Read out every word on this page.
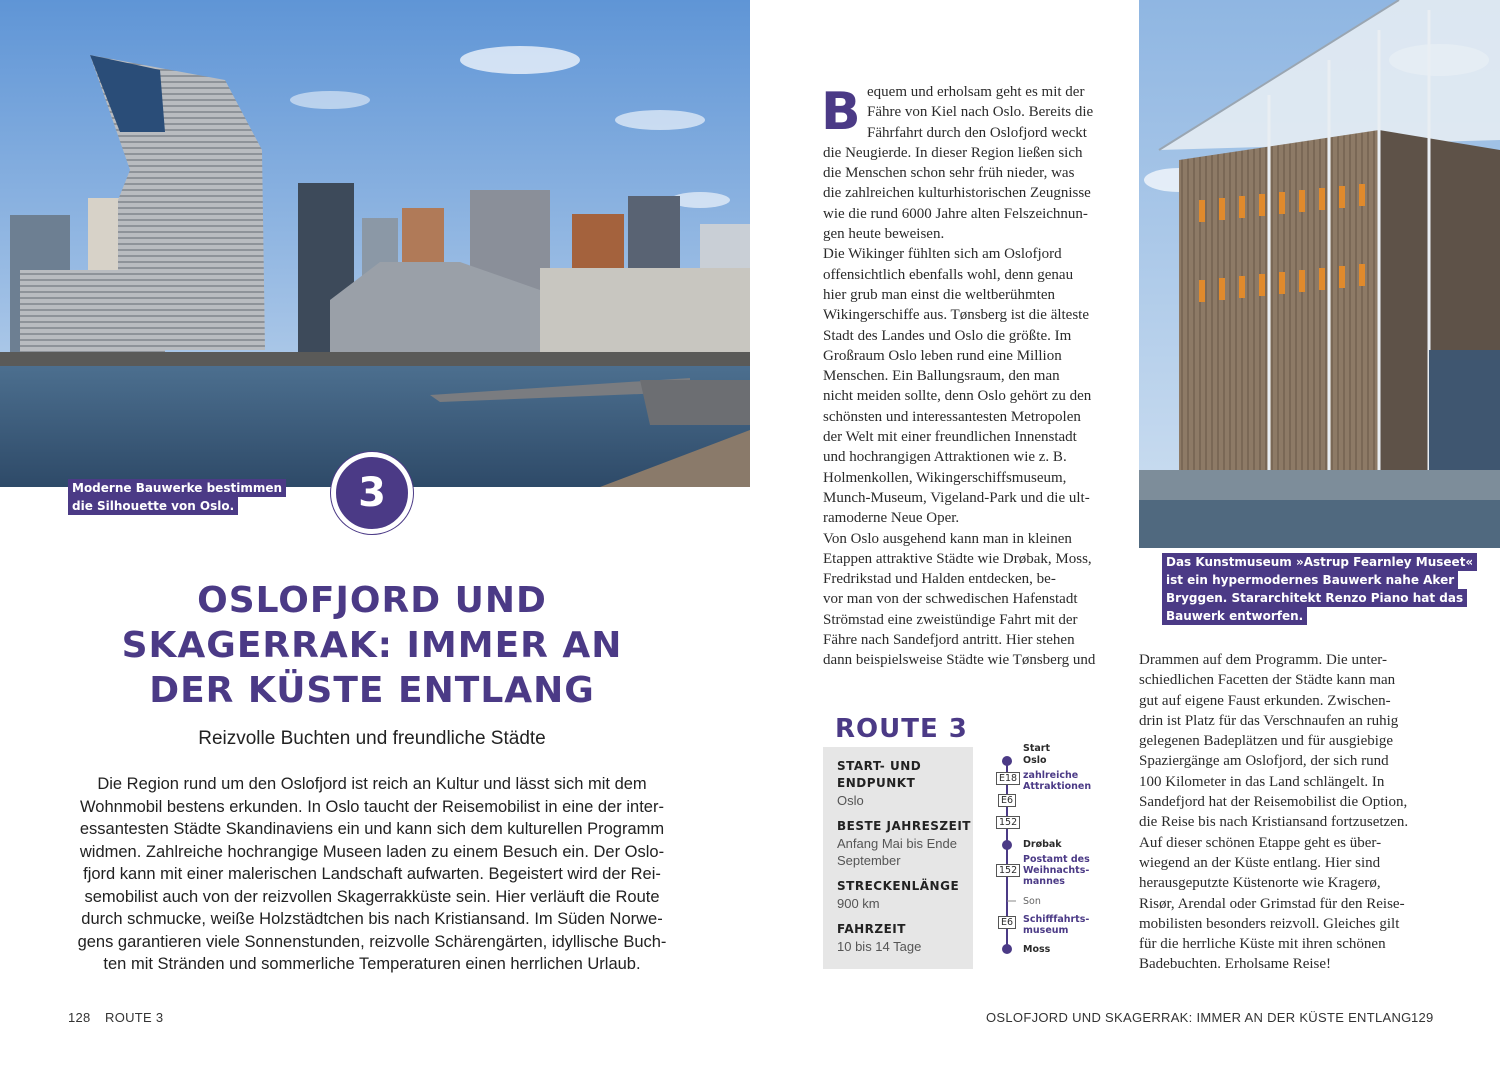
Moderne Bauwerke bestimmen
die Silhouette von Oslo.	3
OSLOFJORD UND
SKAGERRAK: IMMER AN
DER KÜSTE ENTLANG
Reizvolle Buchten und freundliche Städte
Die Region rund um den Oslofjord ist reich an Kultur und lässt sich mit dem
Wohnmobil bestens erkunden. In Oslo taucht der Reisemobilist in eine der inter-
essantesten Städte Skandinaviens ein und kann sich dem kulturellen Programm
widmen. Zahlreiche hochrangige Museen laden zu einem Besuch ein. Der Oslo-
fjord kann mit einer malerischen Landschaft aufwarten. Begeistert wird der Rei-
semobilist auch von der reizvollen Skagerrakküste sein. Hier verläuft die Route
durch schmucke, weiße Holzstädtchen bis nach Kristiansand. Im Süden Norwe-
gens garantieren viele Sonnenstunden, reizvolle Schärengärten, idyllische Buch-
ten mit Stränden und sommerliche Temperaturen einen herrlichen Urlaub.
B equem und erholsam geht es mit der
Fähre von Kiel nach Oslo. Bereits die
Fährfahrt durch den Oslofjord weckt
die Neugierde. In dieser Region ließen sich
die Menschen schon sehr früh nieder, was
die zahlreichen kulturhistorischen Zeugnisse
wie die rund 6000 Jahre alten Felszeichnun-
gen heute beweisen.
Die Wikinger fühlten sich am Oslofjord
offensichtlich ebenfalls wohl, denn genau
hier grub man einst die weltberühmten
Wikingerschiffe aus. Tønsberg ist die älteste
Stadt des Landes und Oslo die größte. Im
Großraum Oslo leben rund eine Million
Menschen. Ein Ballungsraum, den man
nicht meiden sollte, denn Oslo gehört zu den
schönsten und interessantesten Metropolen
der Welt mit einer freundlichen Innenstadt
und hochrangigen Attraktionen wie z. B.
Holmenkollen, Wikingerschiffsmuseum,
Munch-Museum, Vigeland-Park und die ult-
ramoderne Neue Oper.
Von Oslo ausgehend kann man in kleinen
Etappen attraktive Städte wie Drøbak, Moss,
Fredrikstad und Halden entdecken, be-
vor man von der schwedischen Hafenstadt
Strömstad eine zweistündige Fahrt mit der
Fähre nach Sandefjord antritt. Hier stehen
dann beispielsweise Städte wie Tønsberg und
Das Kunstmuseum »Astrup Fearnley Museet«
ist ein hypermodernes Bauwerk nahe Aker
Bryggen. Stararchitekt Renzo Piano hat das
Bauwerk entworfen.
Drammen auf dem Programm. Die unter-
schiedlichen Facetten der Städte kann man
gut auf eigene Faust erkunden. Zwischen-
drin ist Platz für das Verschnaufen an ruhig
gelegenen Badeplätzen und für ausgiebige
Spaziergänge am Oslofjord, der sich rund
100 Kilometer in das Land schlängelt. In
Sandefjord hat der Reisemobilist die Option,
die Reise bis nach Kristiansand fortzusetzen.
Auf dieser schönen Etappe geht es über-
wiegend an der Küste entlang. Hier sind
herausgeputzte Küstenorte wie Kragerø,
Risør, Arendal oder Grimstad für den Reise-
mobilisten besonders reizvoll. Gleiches gilt
für die herrliche Küste mit ihren schönen
Badebuchten. Erholsame Reise!
ROUTE 3
START- UND
ENDPUNKT
Oslo
BESTE JAHRESZEIT
Anfang Mai bis Ende
September
STRECKENLÄNGE
900 km
FAHRZEIT
10 bis 14 Tage
Start
Oslo
zahlreiche
Attraktionen
E18
E6
152
Drøbak
Postamt des
Weihnachts-
mannes
152
Son
E6	Schifffahrts-
museum
Moss
128 ROUTE 3	OSLOFJORD UND SKAGERRAK: IMMER AN DER KÜSTE ENTLANG 129
